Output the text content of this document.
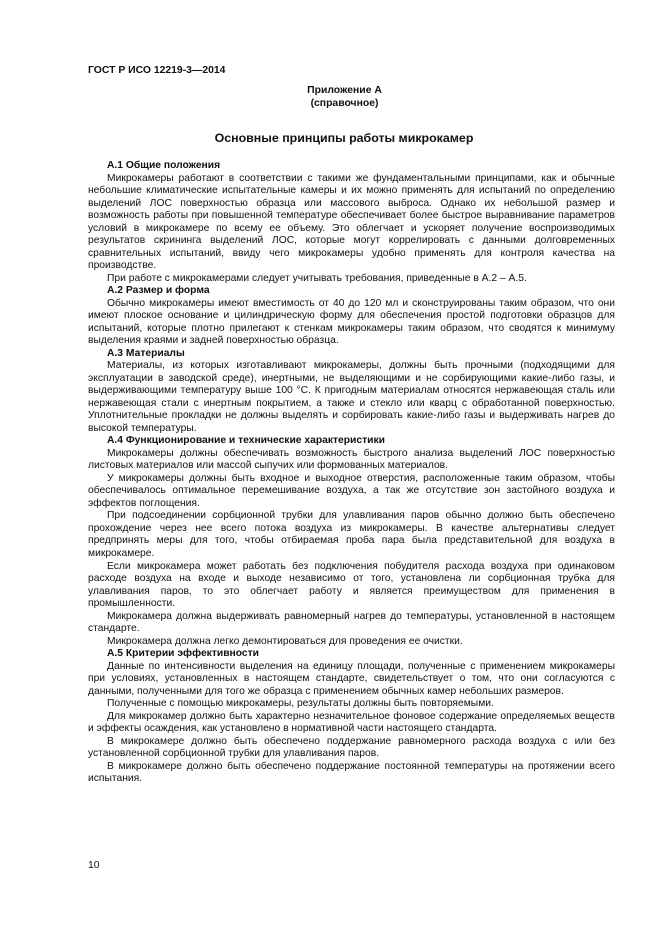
ГОСТ Р ИСО 12219-3—2014
Приложение А
(справочное)
Основные принципы работы микрокамер
А.1 Общие положения

Микрокамеры работают в соответствии с такими же фундаментальными принципами, как и обычные небольшие климатические испытательные камеры и их можно применять для испытаний по определению выделений ЛОС поверхностью образца или массового выброса. Однако их небольшой размер и возможность работы при повышенной температуре обеспечивает более быстрое выравнивание параметров условий в микрокамере по всему ее объему. Это облегчает и ускоряет получение воспроизводимых результатов скрининга выделений ЛОС, которые могут коррелировать с данными долговременных сравнительных испытаний, ввиду чего микрокамеры удобно применять для контроля качества на производстве.

При работе с микрокамерами следует учитывать требования, приведенные в А.2 – А.5.

А.2 Размер и форма

Обычно микрокамеры имеют вместимость от 40 до 120 мл и сконструированы таким образом, что они имеют плоское основание и цилиндрическую форму для обеспечения простой подготовки образцов для испытаний, которые плотно прилегают к стенкам микрокамеры таким образом, что сводятся к минимуму выделения краями и задней поверхностью образца.

А.3 Материалы

Материалы, из которых изготавливают микрокамеры, должны быть прочными (подходящими для эксплуатации в заводской среде), инертными, не выделяющими и не сорбирующими какие-либо газы, и выдерживающими температуру выше 100 °С. К пригодным материалам относятся нержавеющая сталь или нержавеющая стали с инертным покрытием, а также и стекло или кварц с обработанной поверхностью. Уплотнительные прокладки не должны выделять и сорбировать какие-либо газы и выдерживать нагрев до высокой температуры.

А.4 Функционирование и технические характеристики

Микрокамеры должны обеспечивать возможность быстрого анализа выделений ЛОС поверхностью листовых материалов или массой сыпучих или формованных материалов.

У микрокамеры должны быть входное и выходное отверстия, расположенные таким образом, чтобы обеспечивалось оптимальное перемешивание воздуха, а так же отсутствие зон застойного воздуха и эффектов поглощения.

При подсоединении сорбционной трубки для улавливания паров обычно должно быть обеспечено прохождение через нее всего потока воздуха из микрокамеры. В качестве альтернативы следует предпринять меры для того, чтобы отбираемая проба пара была представительной для воздуха в микрокамере.

Если микрокамера может работать без подключения побудителя расхода воздуха при одинаковом расходе воздуха на входе и выходе независимо от того, установлена ли сорбционная трубка для улавливания паров, то это облегчает работу и является преимуществом для применения в промышленности.

Микрокамера должна выдерживать равномерный нагрев до температуры, установленной в настоящем стандарте.

Микрокамера должна легко демонтироваться для проведения ее очистки.

А.5 Критерии эффективности

Данные по интенсивности выделения на единицу площади, полученные с применением микрокамеры при условиях, установленных в настоящем стандарте, свидетельствует о том, что они согласуются с данными, полученными для того же образца с применением обычных камер небольших размеров.

Полученные с помощью микрокамеры, результаты должны быть повторяемыми.

Для микрокамер должно быть характерно незначительное фоновое содержание определяемых веществ и эффекты осаждения, как установлено в нормативной части настоящего стандарта.

В микрокамере должно быть обеспечено поддержание равномерного расхода воздуха с или без установленной сорбционной трубки для улавливания паров.

В микрокамере должно быть обеспечено поддержание постоянной температуры на протяжении всего испытания.

10
